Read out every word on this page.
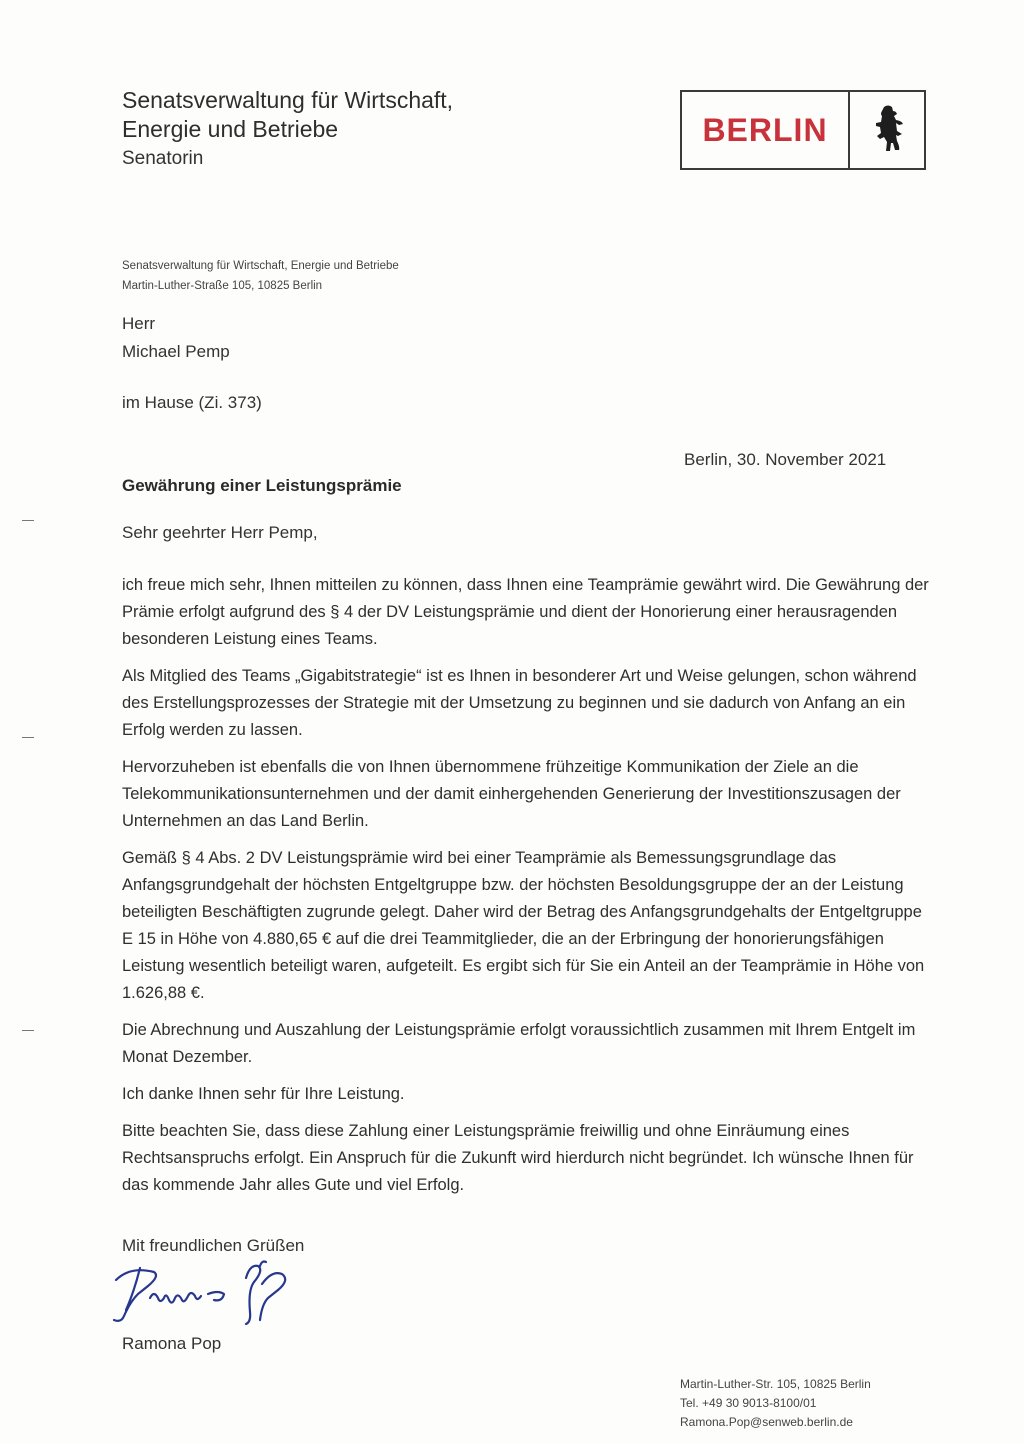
Senatsverwaltung für Wirtschaft,
Energie und Betriebe
Senatorin
BERLIN
Senatsverwaltung für Wirtschaft, Energie und Betriebe
Martin-Luther-Straße 105, 10825 Berlin
Herr
Michael Pemp
im Hause (Zi. 373)
Berlin, 30. November 2021
Gewährung einer Leistungsprämie
Sehr geehrter Herr Pemp,

ich freue mich sehr, Ihnen mitteilen zu können, dass Ihnen eine Teamprämie gewährt wird. Die Gewährung der Prämie erfolgt aufgrund des § 4 der DV Leistungsprämie und dient der Honorierung einer herausragenden besonderen Leistung eines Teams.

Als Mitglied des Teams „Gigabitstrategie“ ist es Ihnen in besonderer Art und Weise gelungen, schon während des Erstellungsprozesses der Strategie mit der Umsetzung zu beginnen und sie dadurch von Anfang an ein Erfolg werden zu lassen.

Hervorzuheben ist ebenfalls die von Ihnen übernommene frühzeitige Kommunikation der Ziele an die Telekommunikationsunternehmen und der damit einhergehenden Generierung der Investitionszusagen der Unternehmen an das Land Berlin.

Gemäß § 4 Abs. 2 DV Leistungsprämie wird bei einer Teamprämie als Bemessungsgrundlage das Anfangsgrundgehalt der höchsten Entgeltgruppe bzw. der höchsten Besoldungsgruppe der an der Leistung beteiligten Beschäftigten zugrunde gelegt. Daher wird der Betrag des Anfangsgrundgehalts der Entgeltgruppe E 15 in Höhe von 4.880,65 € auf die drei Teammitglieder, die an der Erbringung der honorierungsfähigen Leistung wesentlich beteiligt waren, aufgeteilt. Es ergibt sich für Sie ein Anteil an der Teamprämie in Höhe von 1.626,88 €.

Die Abrechnung und Auszahlung der Leistungsprämie erfolgt voraussichtlich zusammen mit Ihrem Entgelt im Monat Dezember.

Ich danke Ihnen sehr für Ihre Leistung.

Bitte beachten Sie, dass diese Zahlung einer Leistungsprämie freiwillig und ohne Einräumung eines Rechtsanspruchs erfolgt. Ein Anspruch für die Zukunft wird hierdurch nicht begründet. Ich wünsche Ihnen für das kommende Jahr alles Gute und viel Erfolg.

Mit freundlichen Grüßen
Ramona Pop
Martin-Luther-Str. 105, 10825 Berlin
Tel. +49 30 9013-8100/01
Ramona.Pop@senweb.berlin.de
